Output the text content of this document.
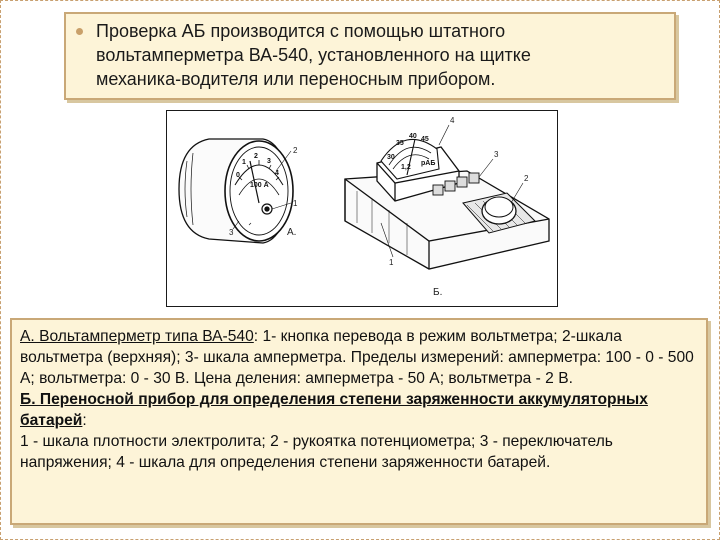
Проверка АБ производится с помощью штатного
вольтамперметра ВА-540, установленного на щитке
механика-водителя или переносным прибором.

2
3
4
1
0
100 А
2
1
3	А.
30
35
40 45
1,2
рАБ
4
3
2
1
Б.

А. Вольтамперметр типа ВА-540: 1- кнопка перевода в режим вольтметра; 2-шкала вольтметра (верхняя); 3- шкала амперметра. Пределы измерений: амперметра: 100 - 0 - 500 А; вольтметра: 0 - 30 В. Цена деления: амперметра - 50 А; вольтметра - 2 В.

Б. Переносной прибор для определения степени заряженности аккумуляторных батарей:
1 - шкала плотности электролита; 2 - рукоятка потенциометра; 3 - переключатель напряжения; 4 - шкала для определения степени заряженности батарей.
